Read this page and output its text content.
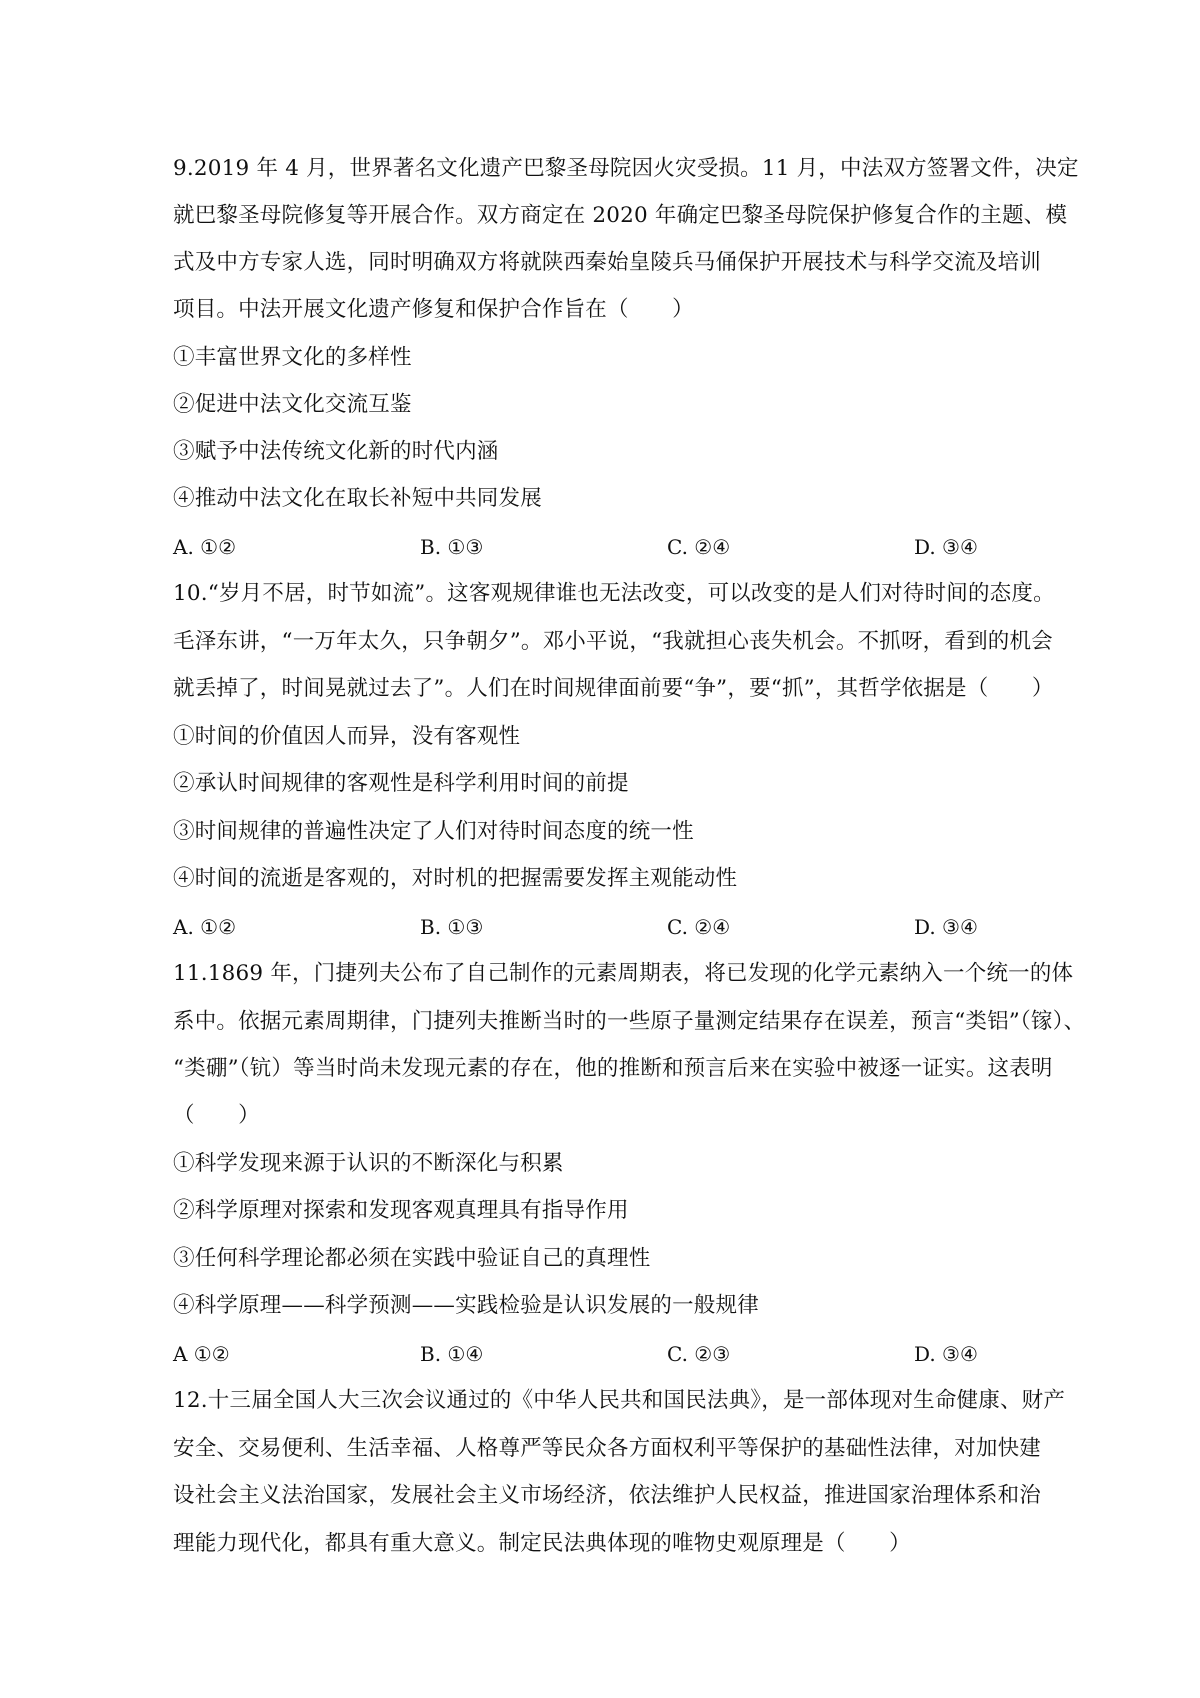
9.2019 年 4 月，世界著名文化遗产巴黎圣母院因火灾受损。11 月，中法双方签署文件，决定
就巴黎圣母院修复等开展合作。双方商定在 2020 年确定巴黎圣母院保护修复合作的主题、模
式及中方专家人选，同时明确双方将就陕西秦始皇陵兵马俑保护开展技术与科学交流及培训
项目。中法开展文化遗产修复和保护合作旨在（　　）
①丰富世界文化的多样性
②促进中法文化交流互鉴
③赋予中法传统文化新的时代内涵
④推动中法文化在取长补短中共同发展
A. ①②	B. ①③	C. ②④	D. ③④
10.“岁月不居，时节如流”。这客观规律谁也无法改变，可以改变的是人们对待时间的态度。
毛泽东讲，“一万年太久，只争朝夕”。邓小平说，“我就担心丧失机会。不抓呀，看到的机会
就丢掉了，时间晃就过去了”。人们在时间规律面前要“争”，要“抓”，其哲学依据是（　　）
①时间的价值因人而异，没有客观性
②承认时间规律的客观性是科学利用时间的前提
③时间规律的普遍性决定了人们对待时间态度的统一性
④时间的流逝是客观的，对时机的把握需要发挥主观能动性
A. ①②	B. ①③	C. ②④	D. ③④
11.1869 年，门捷列夫公布了自己制作的元素周期表，将已发现的化学元素纳入一个统一的体
系中。依据元素周期律，门捷列夫推断当时的一些原子量测定结果存在误差，预言“类铝”（镓）、
“类硼”（钪）等当时尚未发现元素的存在，他的推断和预言后来在实验中被逐一证实。这表明
（　　）
①科学发现来源于认识的不断深化与积累
②科学原理对探索和发现客观真理具有指导作用
③任何科学理论都必须在实践中验证自己的真理性
④科学原理——科学预测——实践检验是认识发展的一般规律
A ①②	B. ①④	C. ②③	D. ③④
12.十三届全国人大三次会议通过的《中华人民共和国民法典》，是一部体现对生命健康、财产
安全、交易便利、生活幸福、人格尊严等民众各方面权利平等保护的基础性法律，对加快建
设社会主义法治国家，发展社会主义市场经济，依法维护人民权益，推进国家治理体系和治
理能力现代化，都具有重大意义。制定民法典体现的唯物史观原理是（　　）
